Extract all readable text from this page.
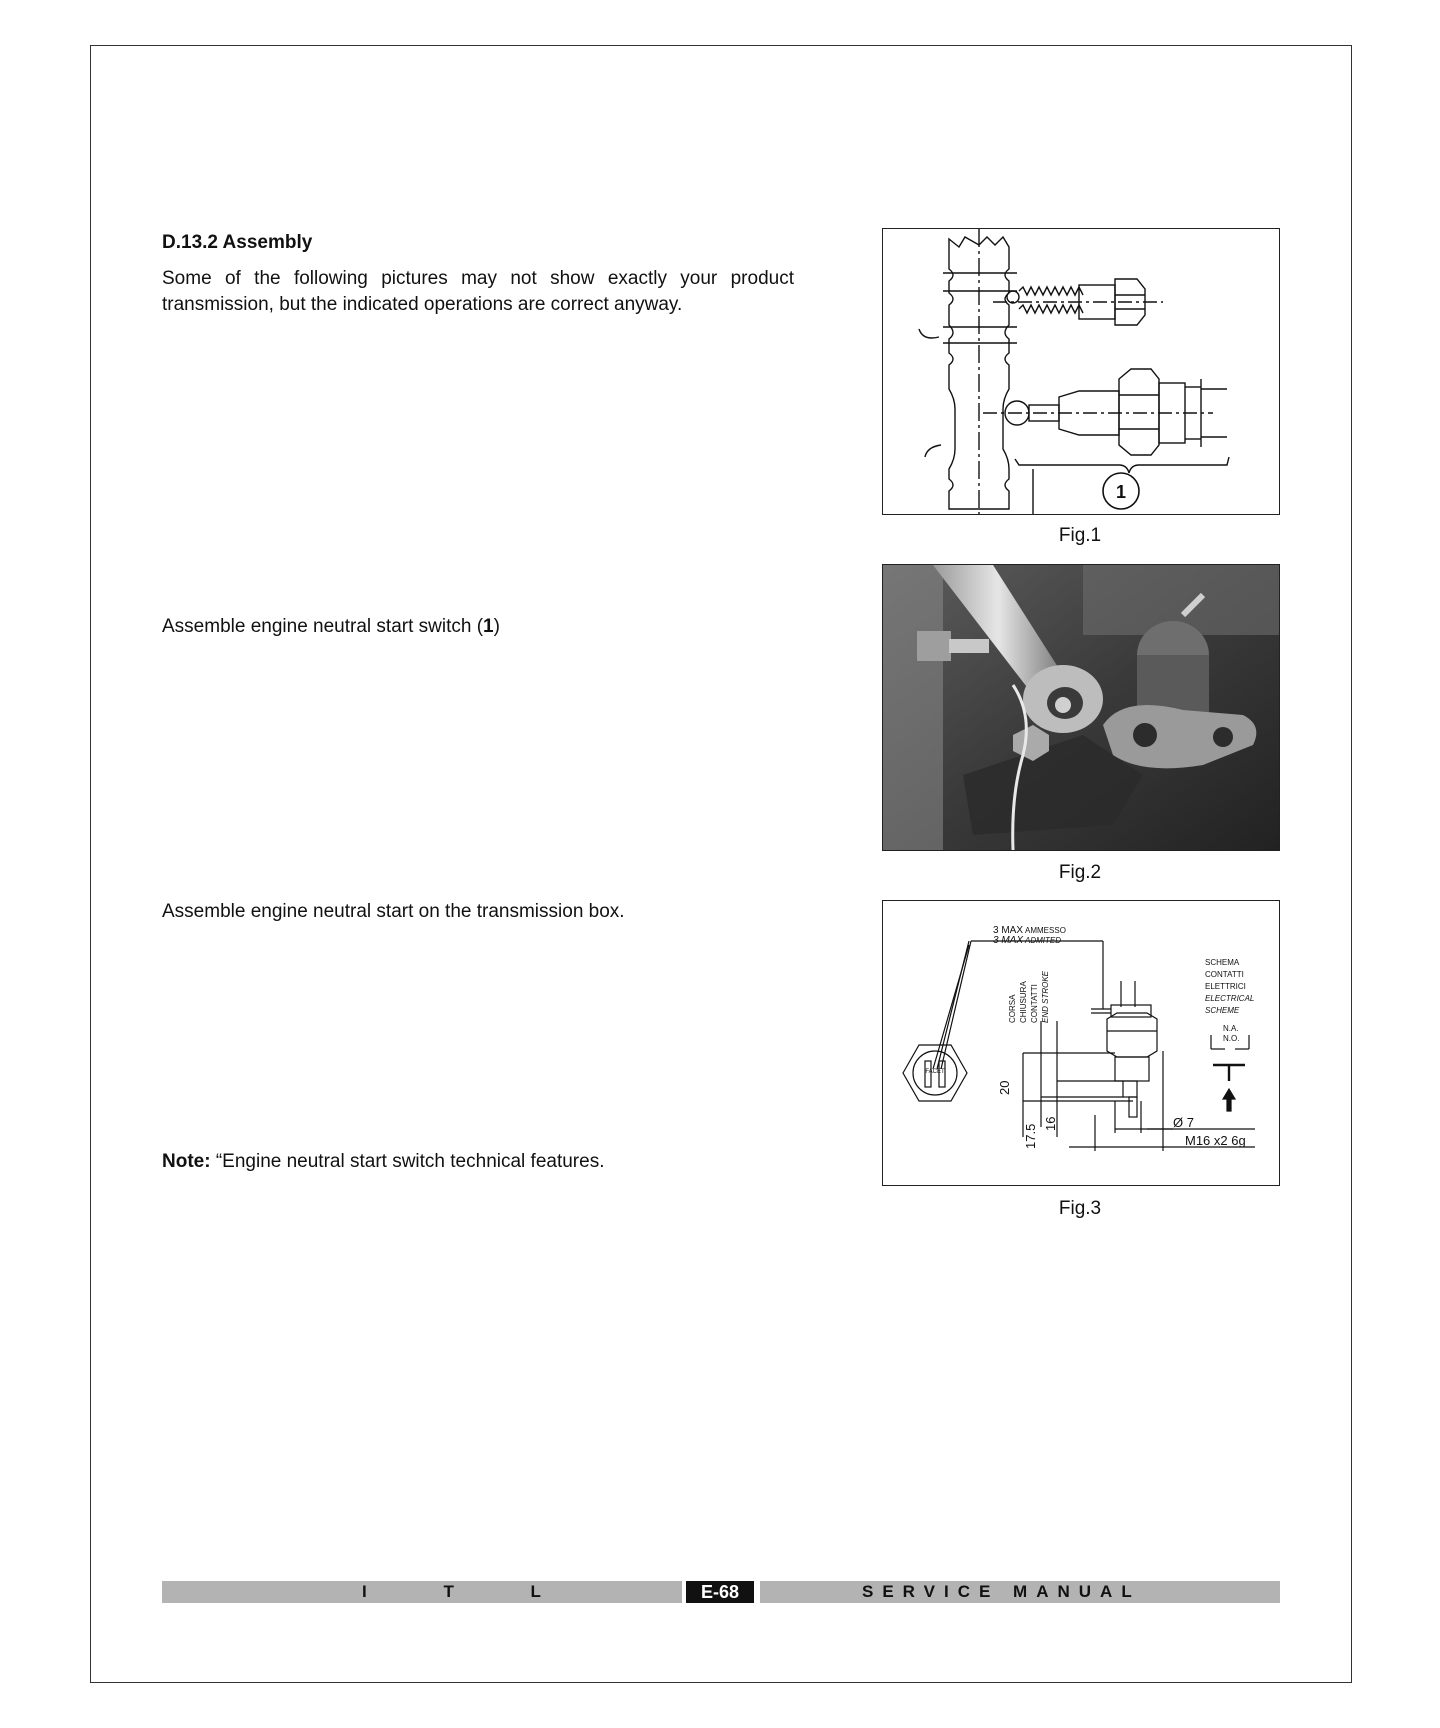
D.13.2 Assembly

Some of the following pictures may not show exactly your product transmission, but the indicated operations are correct anyway.

Assemble engine neutral start switch (1)

Assemble engine neutral start on the transmission box.

Note: “Engine neutral start switch technical features.

1
Fig.1
Fig.2
3 MAX AMMESSO
3 MAX ADMITED
CORSA CHIUSURA CONTATTI END STROKE
SCHEMA
CONTATTI
ELETTRICI
ELECTRICAL
SCHEME
N.A.
N.O.
20
17.5 16	Ø 7
M16 x2 6g
FACET
Fig.3
I T L	E-68	SERVICE MANUAL
